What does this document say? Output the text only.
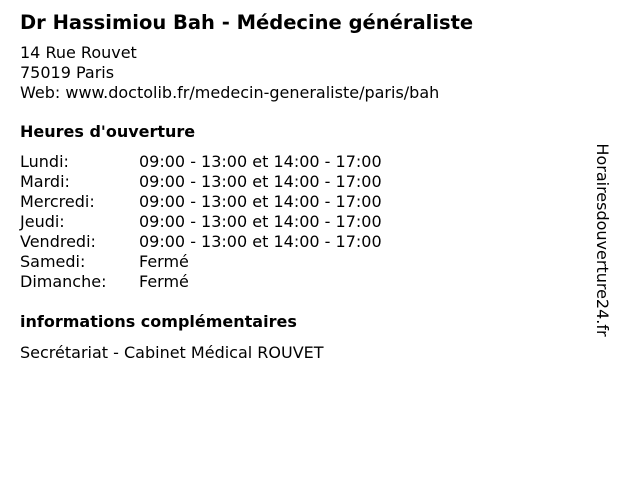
Dr Hassimiou Bah - Médecine généraliste
14 Rue Rouvet
75019 Paris
Web: www.doctolib.fr/medecin-generaliste/paris/bah
Heures d'ouverture
Lundi:	09:00 - 13:00 et 14:00 - 17:00
Mardi:	09:00 - 13:00 et 14:00 - 17:00
Mercredi:	09:00 - 13:00 et 14:00 - 17:00
Jeudi:	09:00 - 13:00 et 14:00 - 17:00
Vendredi:	09:00 - 13:00 et 14:00 - 17:00
Samedi:	Fermé
Dimanche:	Fermé
informations complémentaires
Secrétariat - Cabinet Médical ROUVET
Horairesdouverture24.fr
